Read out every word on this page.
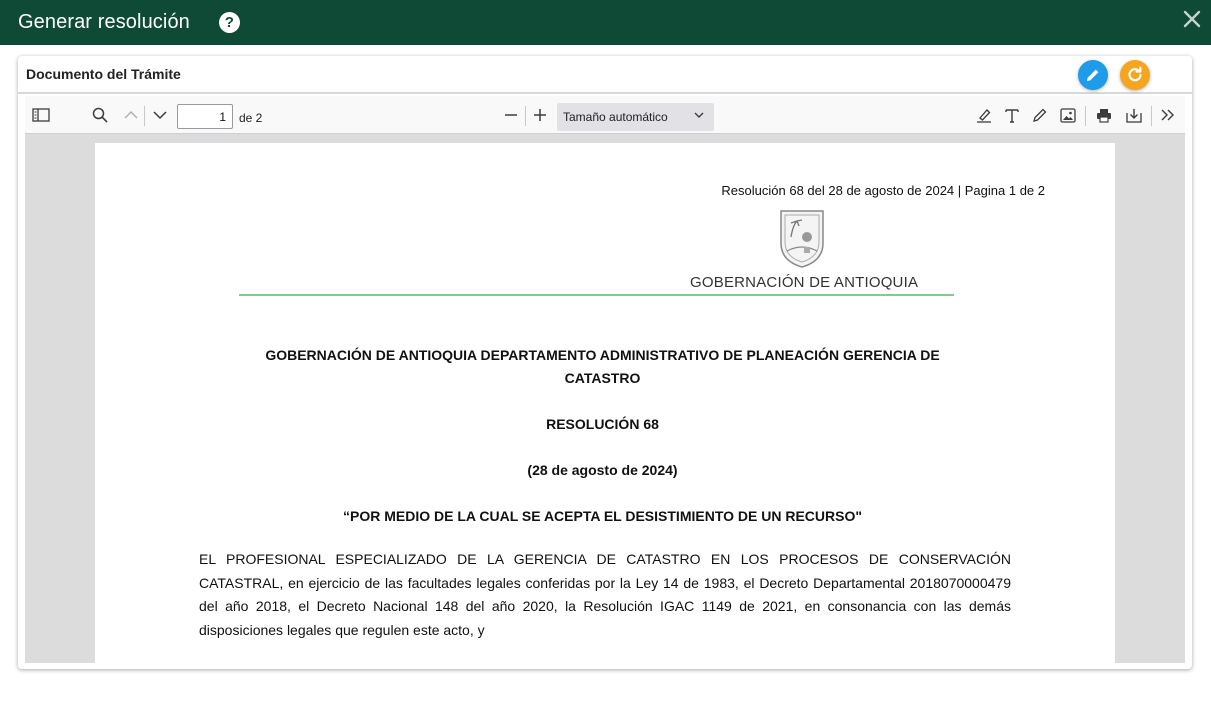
Generar resolución	?
Documento del Trámite
1
de 2	Tamaño automático
Resolución 68 del 28 de agosto de 2024 | Pagina 1 de 2
GOBERNACIÓN DE ANTIOQUIA
GOBERNACIÓN DE ANTIOQUIA DEPARTAMENTO ADMINISTRATIVO DE PLANEACIÓN GERENCIA DE
CATASTRO
RESOLUCIÓN 68
(28 de agosto de 2024)
“POR MEDIO DE LA CUAL SE ACEPTA EL DESISTIMIENTO DE UN RECURSO"
EL PROFESIONAL ESPECIALIZADO DE LA GERENCIA DE CATASTRO EN LOS PROCESOS DE CONSERVACIÓN CATASTRAL, en ejercicio de las facultades legales conferidas por la Ley 14 de 1983, el Decreto Departamental 2018070000479 del año 2018, el Decreto Nacional 148 del año 2020, la Resolución IGAC 1149 de 2021, en consonancia con las demás disposiciones legales que regulen este acto, y
